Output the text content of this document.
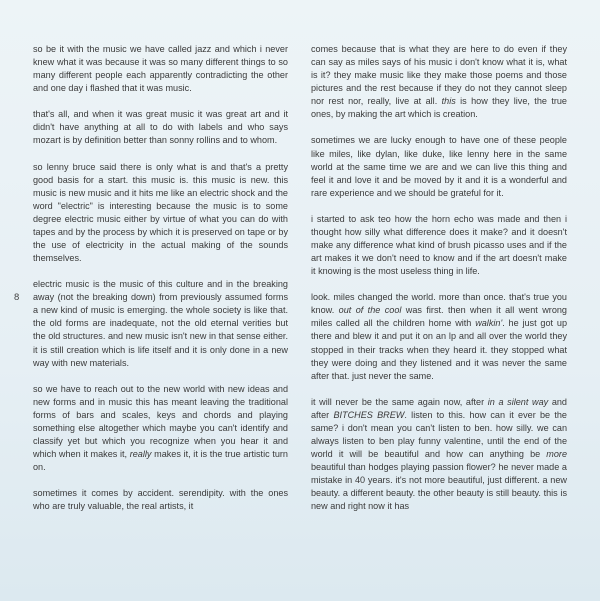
8

so be it with the music we have called jazz and which i never knew what it was because it was so many different things to so many different people each apparently contradicting the other and one day i flashed that it was music.

that's all, and when it was great music it was great art and it didn't have anything at all to do with labels and who says mozart is by definition better than sonny rollins and to whom.

so lenny bruce said there is only what is and that's a pretty good basis for a start. this music is. this music is new. this music is new music and it hits me like an electric shock and the word "electric" is interesting because the music is to some degree electric music either by virtue of what you can do with tapes and by the process by which it is preserved on tape or by the use of electricity in the actual making of the sounds themselves.

electric music is the music of this culture and in the breaking away (not the breaking down) from previously assumed forms a new kind of music is emerging. the whole society is like that. the old forms are inadequate, not the old eternal verities but the old structures. and new music isn't new in that sense either. it is still creation which is life itself and it is only done in a new way with new materials.

so we have to reach out to the new world with new ideas and new forms and in music this has meant leaving the traditional forms of bars and scales, keys and chords and playing something else altogether which maybe you can't identify and classify yet but which you recognize when you hear it and which when it makes it, really makes it, it is the true artistic turn on.

sometimes it comes by accident. serendipity. with the ones who are truly valuable, the real artists, it

comes because that is what they are here to do even if they can say as miles says of his music i don't know what it is, what is it? they make music like they make those poems and those pictures and the rest because if they do not they cannot sleep nor rest nor, really, live at all. this is how they live, the true ones, by making the art which is creation.

sometimes we are lucky enough to have one of these people like miles, like dylan, like duke, like lenny here in the same world at the same time we are and we can live this thing and feel it and love it and be moved by it and it is a wonderful and rare experience and we should be grateful for it.

i started to ask teo how the horn echo was made and then i thought how silly what difference does it make? and it doesn't make any difference what kind of brush picasso uses and if the art makes it we don't need to know and if the art doesn't make it knowing is the most useless thing in life.

look. miles changed the world. more than once. that's true you know. out of the cool was first. then when it all went wrong miles called all the children home with walkin'. he just got up there and blew it and put it on an lp and all over the world they stopped in their tracks when they heard it. they stopped what they were doing and they listened and it was never the same after that. just never the same.

it will never be the same again now, after in a silent way and after BITCHES BREW. listen to this. how can it ever be the same? i don't mean you can't listen to ben. how silly. we can always listen to ben play funny valentine, until the end of the world it will be beautiful and how can anything be more beautiful than hodges playing passion flower? he never made a mistake in 40 years. it's not more beautiful, just different. a new beauty. a different beauty. the other beauty is still beauty. this is new and right now it has
